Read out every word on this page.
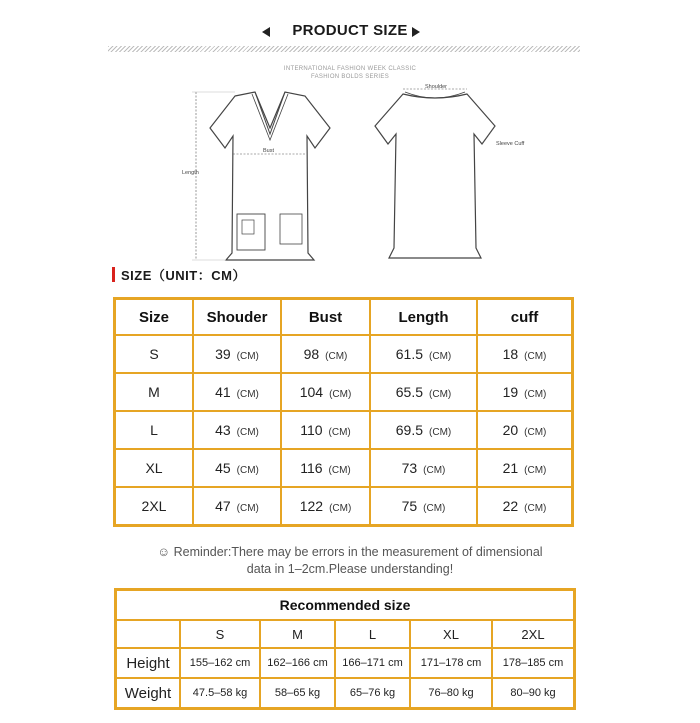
PRODUCT SIZE
INTERNATIONAL FASHION WEEK CLASSIC
FASHION BOLDS SERIES
Bust
Length
Shoulder
Sleeve Cuff
SIZE（UNIT：CM）
Size	Shouder	Bust	Length	cuff
S	39 (CM)	98 (CM)	61.5 (CM)	18 (CM)
M	41 (CM)	104 (CM)	65.5 (CM)	19 (CM)
L	43 (CM)	110 (CM)	69.5 (CM)	20 (CM)
XL	45 (CM)	116 (CM)	73 (CM)	21 (CM)
2XL	47 (CM)	122 (CM)	75 (CM)	22 (CM)
☺ Reminder:There may be errors in the measurement of dimensional
data in 1–2cm.Please understanding!
Recommended size					
	S	M	L	XL	2XL
Height	155–162 cm	162–166 cm	166–171 cm	171–178 cm	178–185 cm
Weight	47.5–58 kg	58–65 kg	65–76 kg	76–80 kg	80–90 kg
